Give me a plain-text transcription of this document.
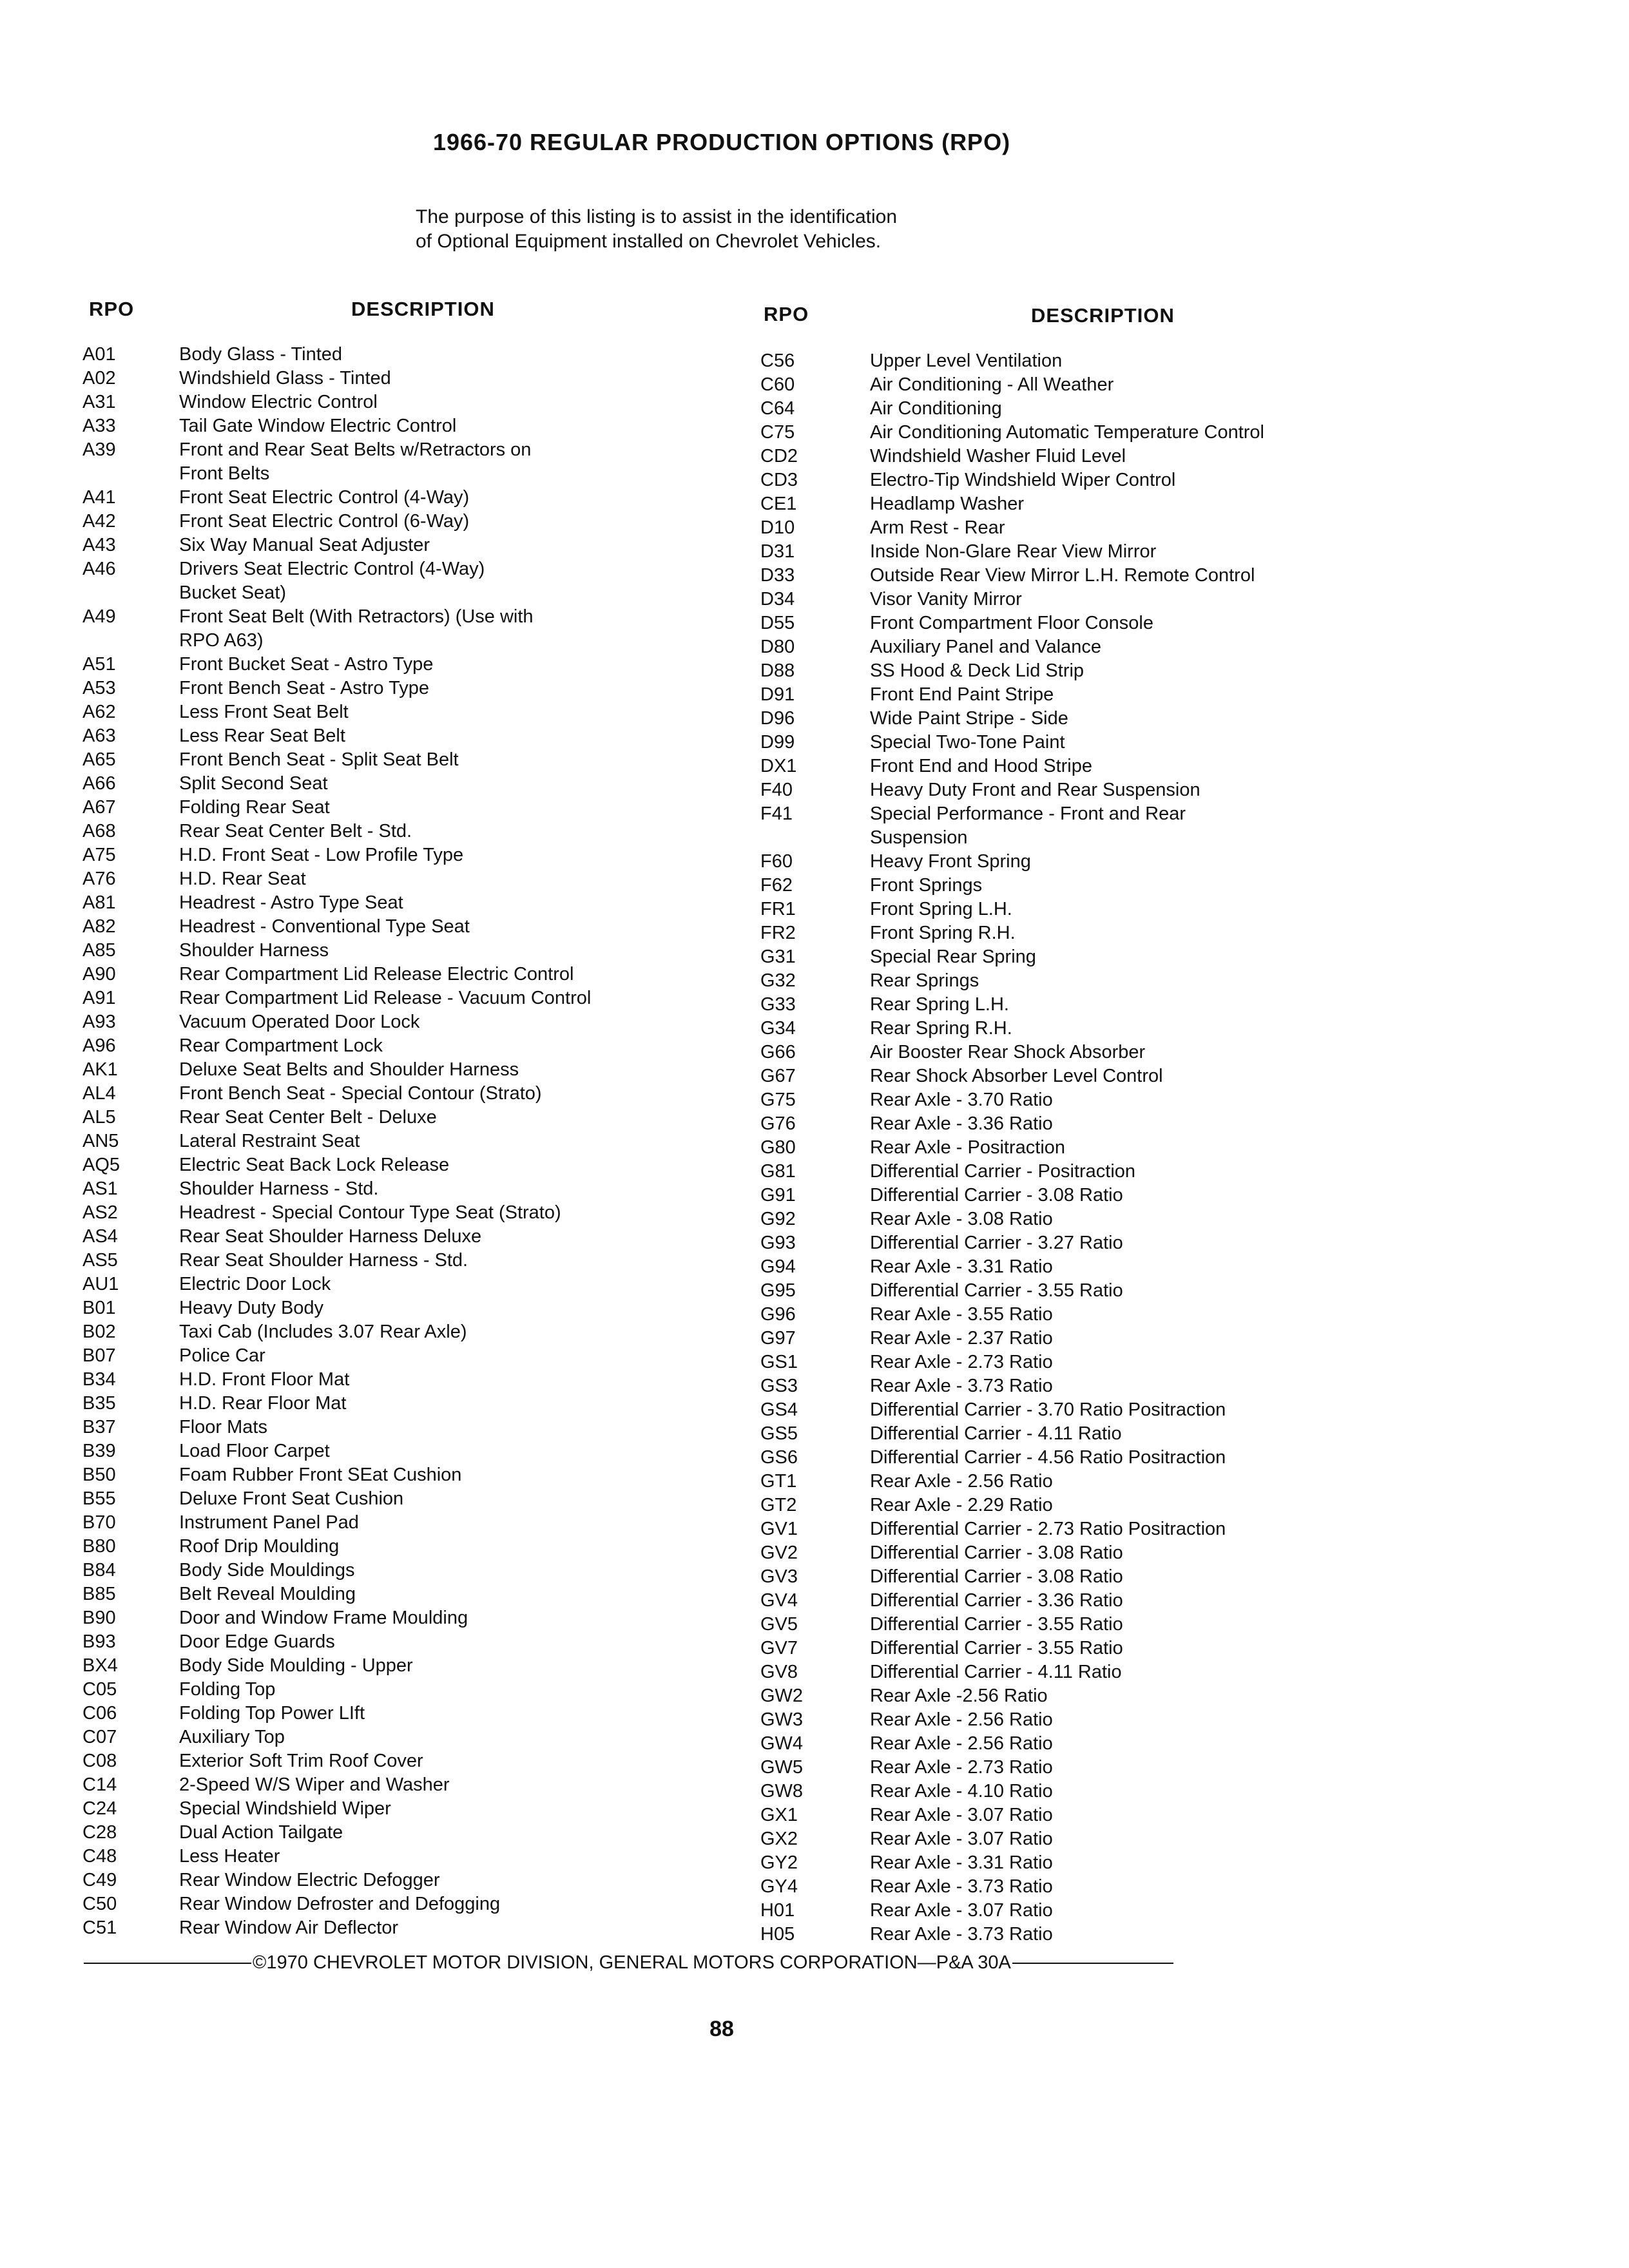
1966-70 REGULAR PRODUCTION OPTIONS (RPO)
The purpose of this listing is to assist in the identification
of Optional Equipment installed on Chevrolet Vehicles.
RPO	DESCRIPTION	RPO	DESCRIPTION
A01	Body Glass - Tinted
A02	Windshield Glass - Tinted
A31	Window Electric Control
A33	Tail Gate Window Electric Control
A39	Front and Rear Seat Belts w/Retractors on
Front Belts
A41	Front Seat Electric Control (4-Way)
A42	Front Seat Electric Control (6-Way)
A43	Six Way Manual Seat Adjuster
A46	Drivers Seat Electric Control (4-Way)
Bucket Seat)
A49	Front Seat Belt (With Retractors) (Use with
RPO A63)
A51	Front Bucket Seat - Astro Type
A53	Front Bench Seat - Astro Type
A62	Less Front Seat Belt
A63	Less Rear Seat Belt
A65	Front Bench Seat - Split Seat Belt
A66	Split Second Seat
A67	Folding Rear Seat
A68	Rear Seat Center Belt - Std.
A75	H.D. Front Seat - Low Profile Type
A76	H.D. Rear Seat
A81	Headrest - Astro Type Seat
A82	Headrest - Conventional Type Seat
A85	Shoulder Harness
A90	Rear Compartment Lid Release Electric Control
A91	Rear Compartment Lid Release - Vacuum Control
A93	Vacuum Operated Door Lock
A96	Rear Compartment Lock
AK1	Deluxe Seat Belts and Shoulder Harness
AL4	Front Bench Seat - Special Contour (Strato)
AL5	Rear Seat Center Belt - Deluxe
AN5	Lateral Restraint Seat
AQ5	Electric Seat Back Lock Release
AS1	Shoulder Harness - Std.
AS2	Headrest - Special Contour Type Seat (Strato)
AS4	Rear Seat Shoulder Harness Deluxe
AS5	Rear Seat Shoulder Harness - Std.
AU1	Electric Door Lock
B01	Heavy Duty Body
B02	Taxi Cab (Includes 3.07 Rear Axle)
B07	Police Car
B34	H.D. Front Floor Mat
B35	H.D. Rear Floor Mat
B37	Floor Mats
B39	Load Floor Carpet
B50	Foam Rubber Front SEat Cushion
B55	Deluxe Front Seat Cushion
B70	Instrument Panel Pad
B80	Roof Drip Moulding
B84	Body Side Mouldings
B85	Belt Reveal Moulding
B90	Door and Window Frame Moulding
B93	Door Edge Guards
BX4	Body Side Moulding - Upper
C05	Folding Top
C06	Folding Top Power LIft
C07	Auxiliary Top
C08	Exterior Soft Trim Roof Cover
C14	2-Speed W/S Wiper and Washer
C24	Special Windshield Wiper
C28	Dual Action Tailgate
C48	Less Heater
C49	Rear Window Electric Defogger
C50	Rear Window Defroster and Defogging
C51	Rear Window Air Deflector
C56	Upper Level Ventilation
C60	Air Conditioning - All Weather
C64	Air Conditioning
C75	Air Conditioning Automatic Temperature Control
CD2	Windshield Washer Fluid Level
CD3	Electro-Tip Windshield Wiper Control
CE1	Headlamp Washer
D10	Arm Rest - Rear
D31	Inside Non-Glare Rear View Mirror
D33	Outside Rear View Mirror L.H. Remote Control
D34	Visor Vanity Mirror
D55	Front Compartment Floor Console
D80	Auxiliary Panel and Valance
D88	SS Hood & Deck Lid Strip
D91	Front End Paint Stripe
D96	Wide Paint Stripe - Side
D99	Special Two-Tone Paint
DX1	Front End and Hood Stripe
F40	Heavy Duty Front and Rear Suspension
F41	Special Performance - Front and Rear
Suspension
F60	Heavy Front Spring
F62	Front Springs
FR1	Front Spring L.H.
FR2	Front Spring R.H.
G31	Special Rear Spring
G32	Rear Springs
G33	Rear Spring L.H.
G34	Rear Spring R.H.
G66	Air Booster Rear Shock Absorber
G67	Rear Shock Absorber Level Control
G75	Rear Axle - 3.70 Ratio
G76	Rear Axle - 3.36 Ratio
G80	Rear Axle - Positraction
G81	Differential Carrier - Positraction
G91	Differential Carrier - 3.08 Ratio
G92	Rear Axle - 3.08 Ratio
G93	Differential Carrier - 3.27 Ratio
G94	Rear Axle - 3.31 Ratio
G95	Differential Carrier - 3.55 Ratio
G96	Rear Axle - 3.55 Ratio
G97	Rear Axle - 2.37 Ratio
GS1	Rear Axle - 2.73 Ratio
GS3	Rear Axle - 3.73 Ratio
GS4	Differential Carrier - 3.70 Ratio Positraction
GS5	Differential Carrier - 4.11 Ratio
GS6	Differential Carrier - 4.56 Ratio Positraction
GT1	Rear Axle - 2.56 Ratio
GT2	Rear Axle - 2.29 Ratio
GV1	Differential Carrier - 2.73 Ratio Positraction
GV2	Differential Carrier - 3.08 Ratio
GV3	Differential Carrier - 3.08 Ratio
GV4	Differential Carrier - 3.36 Ratio
GV5	Differential Carrier - 3.55 Ratio
GV7	Differential Carrier - 3.55 Ratio
GV8	Differential Carrier - 4.11 Ratio
GW2	Rear Axle -2.56 Ratio
GW3	Rear Axle - 2.56 Ratio
GW4	Rear Axle - 2.56 Ratio
GW5	Rear Axle - 2.73 Ratio
GW8	Rear Axle - 4.10 Ratio
GX1	Rear Axle - 3.07 Ratio
GX2	Rear Axle - 3.07 Ratio
GY2	Rear Axle - 3.31 Ratio
GY4	Rear Axle - 3.73 Ratio
H01	Rear Axle - 3.07 Ratio
H05	Rear Axle - 3.73 Ratio
©1970 CHEVROLET MOTOR DIVISION, GENERAL MOTORS CORPORATION—P&A 30A
88
